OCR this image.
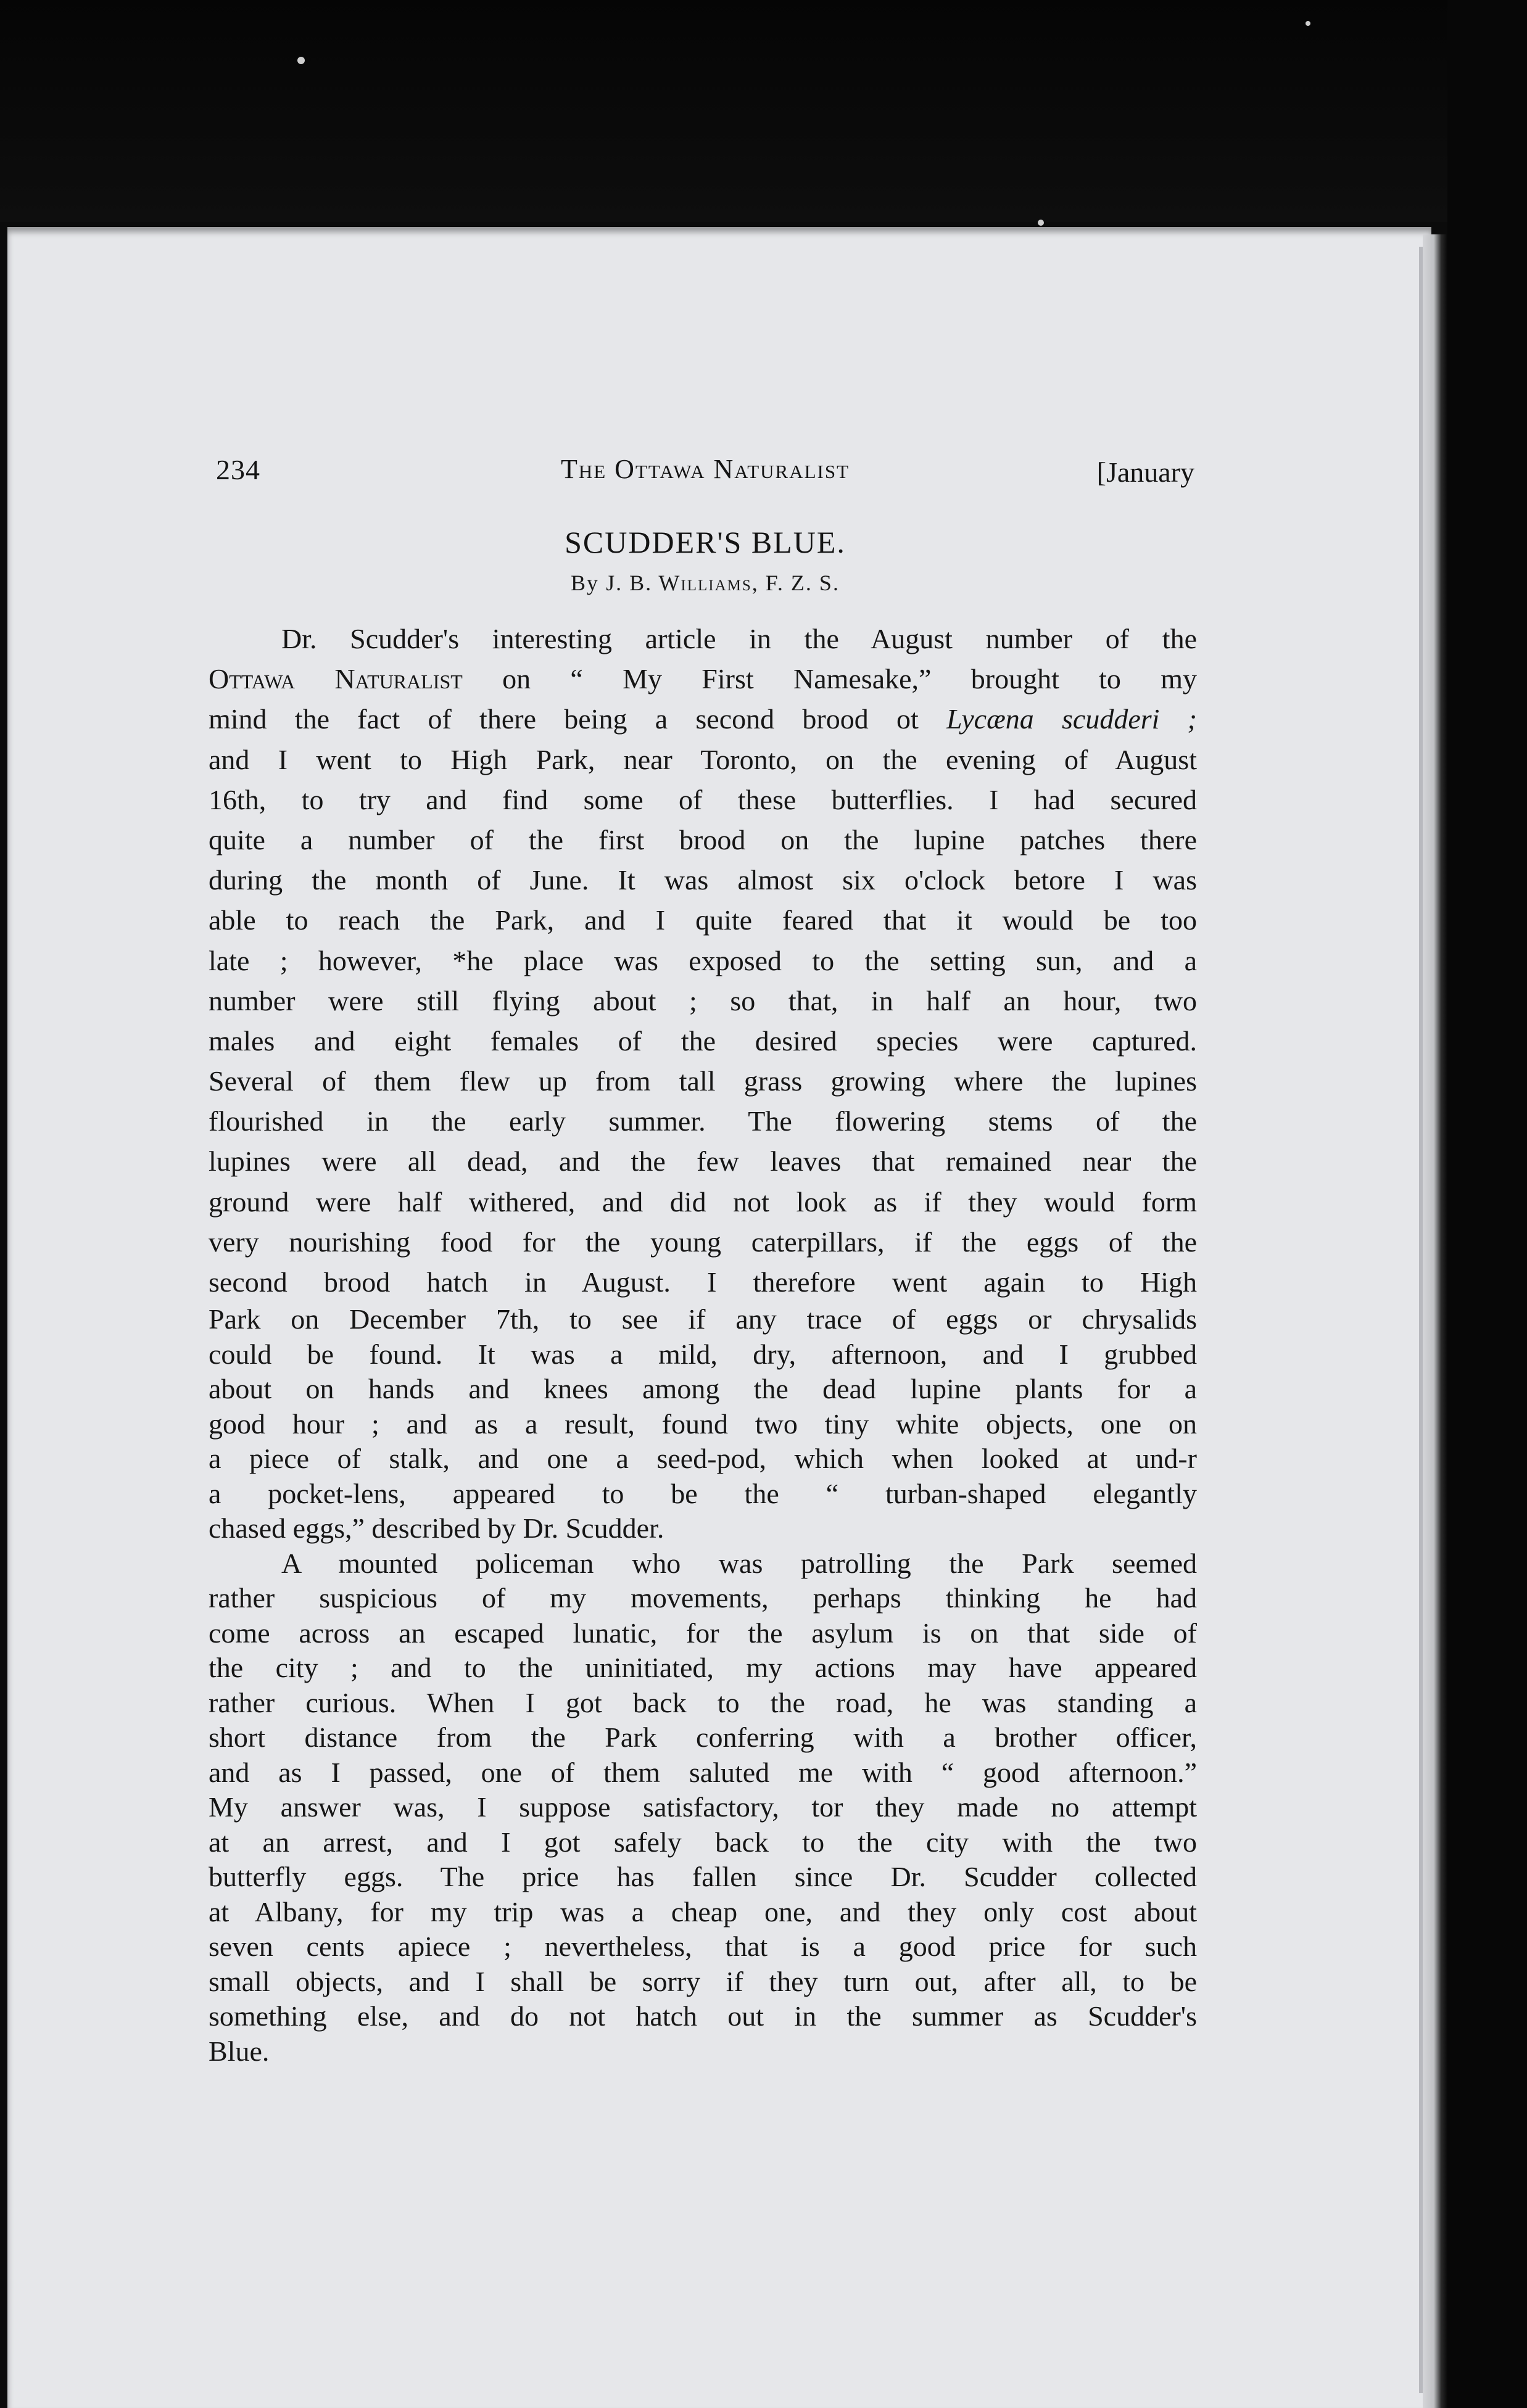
234	The Ottawa Naturalist	[January
SCUDDER'S BLUE.
By J. B. Williams, F. Z. S.
Dr. Scudder's interesting article in the August number of the
Ottawa Naturalist on “ My First Namesake,” brought to my
mind the fact of there being a second brood ot Lycæna scudderi ;
and I went to High Park, near Toronto, on the evening of August
16th, to try and find some of these butterflies. I had secured
quite a number of the first brood on the lupine patches there
during the month of June. It was almost six o'clock betore I was
able to reach the Park, and I quite feared that it would be too
late ; however, *he place was exposed to the setting sun, and a
number were still flying about ; so that, in half an hour, two
males and eight females of the desired species were captured.
Several of them flew up from tall grass growing where the lupines
flourished in the early summer. The flowering stems of the
lupines were all dead, and the few leaves that remained near the
ground were half withered, and did not look as if they would form
very nourishing food for the young caterpillars, if the eggs of the
second brood hatch in August. I therefore went again to High
Park on December 7th, to see if any trace of eggs or chrysalids
could be found. It was a mild, dry, afternoon, and I grubbed
about on hands and knees among the dead lupine plants for a
good hour ; and as a result, found two tiny white objects, one on
a piece of stalk, and one a seed-pod, which when looked at und-r
a pocket-lens, appeared to be the “ turban-shaped elegantly
chased eggs,” described by Dr. Scudder.
A mounted policeman who was patrolling the Park seemed
rather suspicious of my movements, perhaps thinking he had
come across an escaped lunatic, for the asylum is on that side of
the city ; and to the uninitiated, my actions may have appeared
rather curious. When I got back to the road, he was standing a
short distance from the Park conferring with a brother officer,
and as I passed, one of them saluted me with “ good afternoon.”
My answer was, I suppose satisfactory, tor they made no attempt
at an arrest, and I got safely back to the city with the two
butterfly eggs. The price has fallen since Dr. Scudder collected
at Albany, for my trip was a cheap one, and they only cost about
seven cents apiece ; nevertheless, that is a good price for such
small objects, and I shall be sorry if they turn out, after all, to be
something else, and do not hatch out in the summer as Scudder's
Blue.
